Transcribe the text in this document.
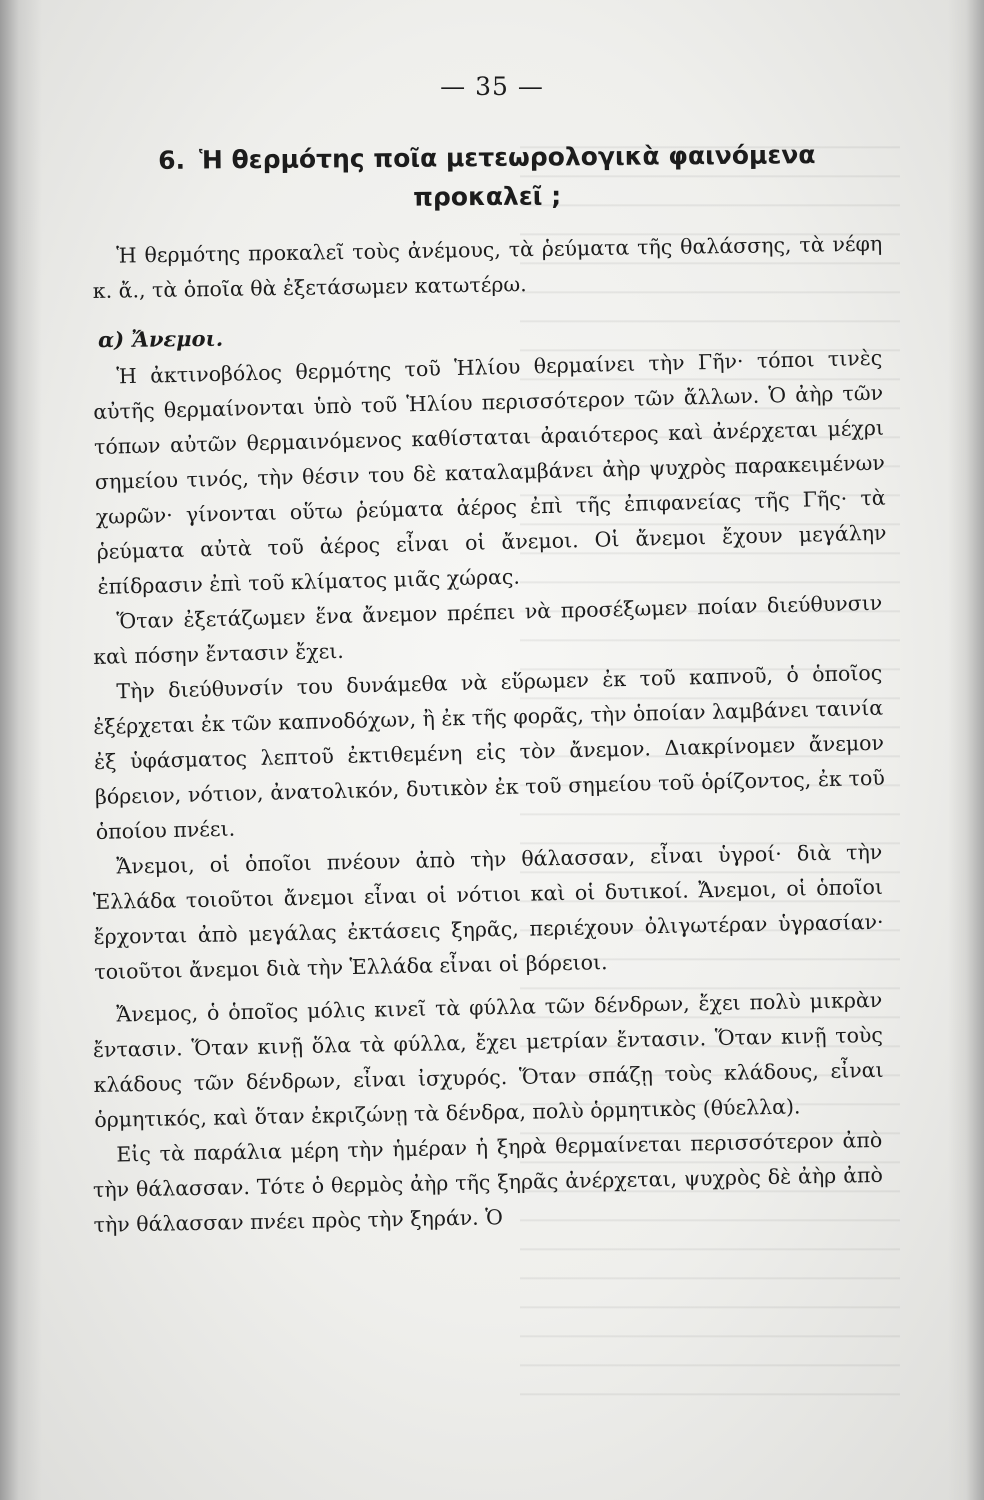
— 35 —
6. Ἡ θερμότης ποῖα μετεωρολογικὰ φαινόμενα
προκαλεῖ ;

Ἡ θερμότης προκαλεῖ τοὺς ἀνέμους, τὰ ῥεύματα τῆς θαλάσσης, τὰ νέφη κ. ἄ., τὰ ὁποῖα θὰ ἐξετάσωμεν κατωτέρω.

α) Ἄνεμοι.

Ἡ ἀκτινοβόλος θερμότης τοῦ Ἡλίου θερμαίνει τὴν Γῆν· τόποι τινὲς αὐτῆς θερμαίνονται ὑπὸ τοῦ Ἡλίου περισσότερον τῶν ἄλλων. Ὁ ἀὴρ τῶν τόπων αὐτῶν θερμαινόμενος καθίσταται ἀραιότερος καὶ ἀνέρχεται μέχρι σημείου τινός, τὴν θέσιν του δὲ καταλαμβάνει ἀὴρ ψυχρὸς παρακειμένων χωρῶν· γίνονται οὕτω ῥεύματα ἀέρος ἐπὶ τῆς ἐπιφανείας τῆς Γῆς· τὰ ῥεύματα αὐτὰ τοῦ ἀέρος εἶναι οἱ ἄνεμοι. Οἱ ἄνεμοι ἔχουν μεγάλην ἐπίδρασιν ἐπὶ τοῦ κλίματος μιᾶς χώρας.

Ὅταν ἐξετάζωμεν ἕνα ἄνεμον πρέπει νὰ προσέξωμεν ποίαν διεύθυνσιν καὶ πόσην ἔντασιν ἔχει.

Τὴν διεύθυνσίν του δυνάμεθα νὰ εὕρωμεν ἐκ τοῦ καπνοῦ, ὁ ὁποῖος ἐξέρχεται ἐκ τῶν καπνοδόχων, ἢ ἐκ τῆς φορᾶς, τὴν ὁποίαν λαμβάνει ταινία ἐξ ὑφάσματος λεπτοῦ ἐκτιθεμένη εἰς τὸν ἄνεμον. Διακρίνομεν ἄνεμον βόρειον, νότιον, ἀνατολικόν, δυτικὸν ἐκ τοῦ σημείου τοῦ ὁρίζοντος, ἐκ τοῦ ὁποίου πνέει.

Ἄνεμοι, οἱ ὁποῖοι πνέουν ἀπὸ τὴν θάλασσαν, εἶναι ὑγροί· διὰ τὴν Ἑλλάδα τοιοῦτοι ἄνεμοι εἶναι οἱ νότιοι καὶ οἱ δυτικοί. Ἄνεμοι, οἱ ὁποῖοι ἔρχονται ἀπὸ μεγάλας ἐκτάσεις ξηρᾶς, περιέχουν ὀλιγωτέραν ὑγρασίαν· τοιοῦτοι ἄνεμοι διὰ τὴν Ἑλλάδα εἶναι οἱ βόρειοι.

Ἄνεμος, ὁ ὁποῖος μόλις κινεῖ τὰ φύλλα τῶν δένδρων, ἔχει πολὺ μικρὰν ἔντασιν. Ὅταν κινῇ ὅλα τὰ φύλλα, ἔχει μετρίαν ἔντασιν. Ὅταν κινῇ τοὺς κλάδους τῶν δένδρων, εἶναι ἰσχυρός. Ὅταν σπάζῃ τοὺς κλάδους, εἶναι ὁρμητικός, καὶ ὅταν ἐκριζώνῃ τὰ δένδρα, πολὺ ὁρμητικὸς (θύελλα).

Εἰς τὰ παράλια μέρη τὴν ἡμέραν ἡ ξηρὰ θερμαίνεται περισσότερον ἀπὸ τὴν θάλασσαν. Τότε ὁ θερμὸς ἀὴρ τῆς ξηρᾶς ἀνέρχεται, ψυχρὸς δὲ ἀὴρ ἀπὸ τὴν θάλασσαν πνέει πρὸς τὴν ξηράν. Ὁ
